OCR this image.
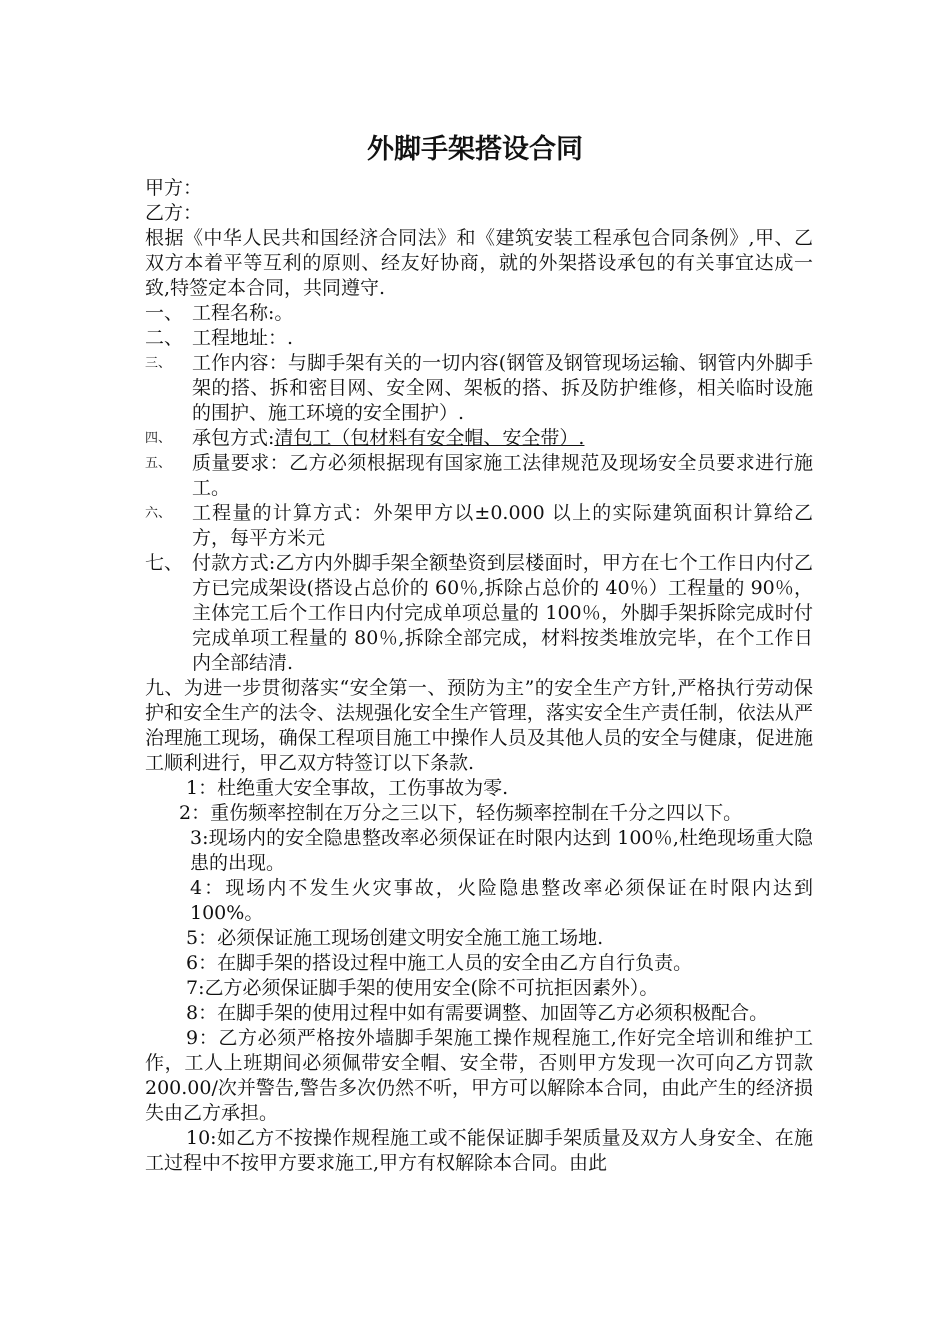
外脚手架搭设合同

甲方：

乙方：

根据《中华人民共和国经济合同法》和《建筑安装工程承包合同条例》,甲、乙双方本着平等互利的原则、经友好协商，就的外架搭设承包的有关事宜达成一致,特签定本合同，共同遵守.

一、 工程名称:。
二、 工程地址：.
三、	工作内容：与脚手架有关的一切内容(钢管及钢管现场运输、钢管内外脚手架的搭、拆和密目网、安全网、架板的搭、拆及防护维修，相关临时设施的围护、施工环境的安全围护）.
四、	承包方式:清包工（包材料有安全帽、安全带）.
五、	质量要求：乙方必须根据现有国家施工法律规范及现场安全员要求进行施工。
六、	工程量的计算方式：外架甲方以±0.000 以上的实际建筑面积计算给乙方，每平方米元
七、 付款方式:乙方内外脚手架全额垫资到层楼面时，甲方在七个工作日内付乙方已完成架设(搭设占总价的 60％,拆除占总价的 40％）工程量的 90％，主体完工后个工作日内付完成单项总量的 100％，外脚手架拆除完成时付完成单项工程量的 80％,拆除全部完成，材料按类堆放完毕，在个工作日内全部结清.

九、为进一步贯彻落实“安全第一、预防为主”的安全生产方针,严格执行劳动保护和安全生产的法令、法规强化安全生产管理，落实安全生产责任制，依法从严治理施工现场，确保工程项目施工中操作人员及其他人员的安全与健康，促进施工顺利进行，甲乙双方特签订以下条款.

1：杜绝重大安全事故，工伤事故为零.

2：重伤频率控制在万分之三以下，轻伤频率控制在千分之四以下。

3:现场内的安全隐患整改率必须保证在时限内达到 100％,杜绝现场重大隐患的出现。

4：现场内不发生火灾事故，火险隐患整改率必须保证在时限内达到 100%。

5：必须保证施工现场创建文明安全施工施工场地.

6：在脚手架的搭设过程中施工人员的安全由乙方自行负责。

7:乙方必须保证脚手架的使用安全(除不可抗拒因素外）。

8：在脚手架的使用过程中如有需要调整、加固等乙方必须积极配合。

9：乙方必须严格按外墙脚手架施工操作规程施工,作好完全培训和维护工作，工人上班期间必须佩带安全帽、安全带，否则甲方发现一次可向乙方罚款 200.00/次并警告,警告多次仍然不听，甲方可以解除本合同，由此产生的经济损失由乙方承担。

10:如乙方不按操作规程施工或不能保证脚手架质量及双方人身安全、在施工过程中不按甲方要求施工,甲方有权解除本合同。由此
